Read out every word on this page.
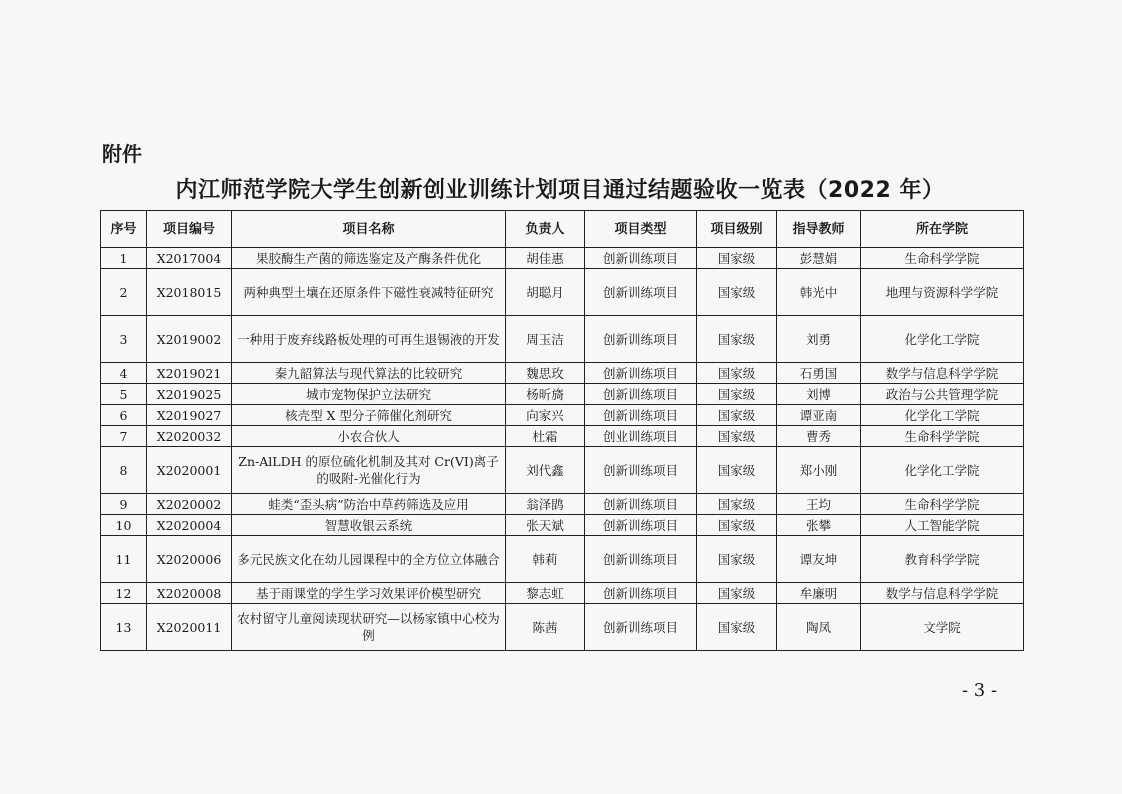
附件
内江师范学院大学生创新创业训练计划项目通过结题验收一览表（2022 年）
序号	项目编号	项目名称	负责人	项目类型	项目级别	指导教师	所在学院
1	X2017004	果胶酶生产菌的筛选鉴定及产酶条件优化	胡佳惠	创新训练项目	国家级	彭慧娟	生命科学学院
2	X2018015	两种典型土壤在还原条件下磁性衰减特征研究	胡聪月	创新训练项目	国家级	韩光中	地理与资源科学学院
3	X2019002	一种用于废弃线路板处理的可再生退锡液的开发	周玉洁	创新训练项目	国家级	刘勇	化学化工学院
4	X2019021	秦九韶算法与现代算法的比较研究	魏思玫	创新训练项目	国家级	石勇国	数学与信息科学学院
5	X2019025	城市宠物保护立法研究	杨昕旖	创新训练项目	国家级	刘博	政治与公共管理学院
6	X2019027	核壳型 X 型分子筛催化剂研究	向家兴	创新训练项目	国家级	谭亚南	化学化工学院
7	X2020032	小农合伙人	杜霜	创业训练项目	国家级	曹秀	生命科学学院
8	X2020001	Zn-AlLDH 的原位硫化机制及其对 Cr(VI)离子的吸附-光催化行为	刘代鑫	创新训练项目	国家级	郑小刚	化学化工学院
9	X2020002	蛙类“歪头病”防治中草药筛选及应用	翁泽鹍	创新训练项目	国家级	王均	生命科学学院
10	X2020004	智慧收银云系统	张天斌	创新训练项目	国家级	张攀	人工智能学院
11	X2020006	多元民族文化在幼儿园课程中的全方位立体融合	韩莉	创新训练项目	国家级	谭友坤	教育科学学院
12	X2020008	基于雨课堂的学生学习效果评价模型研究	黎志虹	创新训练项目	国家级	牟廉明	数学与信息科学学院
13	X2020011	农村留守儿童阅读现状研究—以杨家镇中心校为例	陈茜	创新训练项目	国家级	陶凤	文学院
- 3 -
